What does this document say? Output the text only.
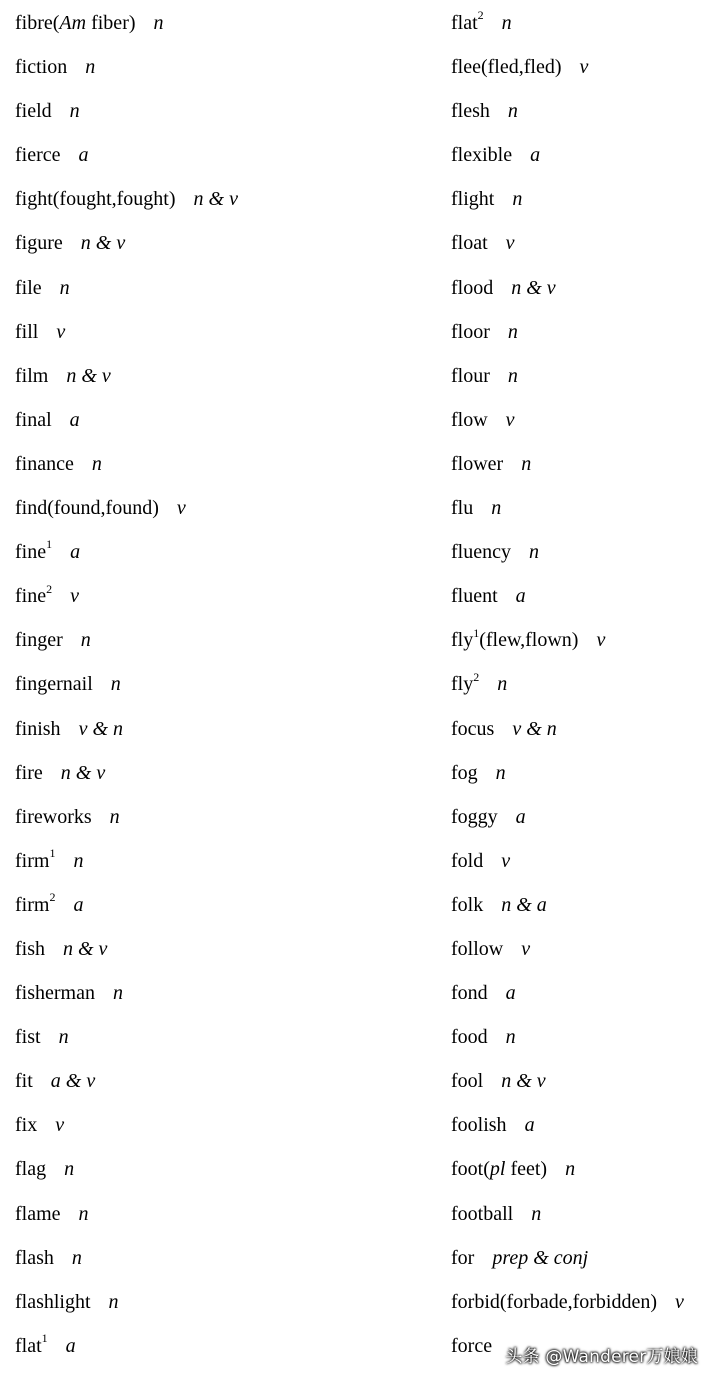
fibre(Am fiber) n
fiction n
field n
fierce a
fight(fought,fought) n & v
figure n & v
file n
fill v
film n & v
final a
finance n
find(found,found) v
fine$^1$ a
fine$^2$ v
finger n
fingernail n
finish v & n
fire n & v
fireworks n
firm$^1$ n
firm$^2$ a
fish n & v
fisherman n
fist n
fit a & v
fix v
flag n
flame n
flash n
flashlight n
flat$^1$ a
flat$^2$ n
flee(fled,fled) v
flesh n
flexible a
flight n
float v
flood n & v
floor n
flour n
flow v
flower n
flu n
fluency n
fluent a
fly$^1$(flew,flown) v
fly$^2$ n
focus v & n
fog n
foggy a
fold v
folk n & a
follow v
fond a
food n
fool n & v
foolish a
foot(pl feet) n
football n
for prep & conj
forbid(forbade,forbidden) v
force
头条 @Wanderer万娘娘
